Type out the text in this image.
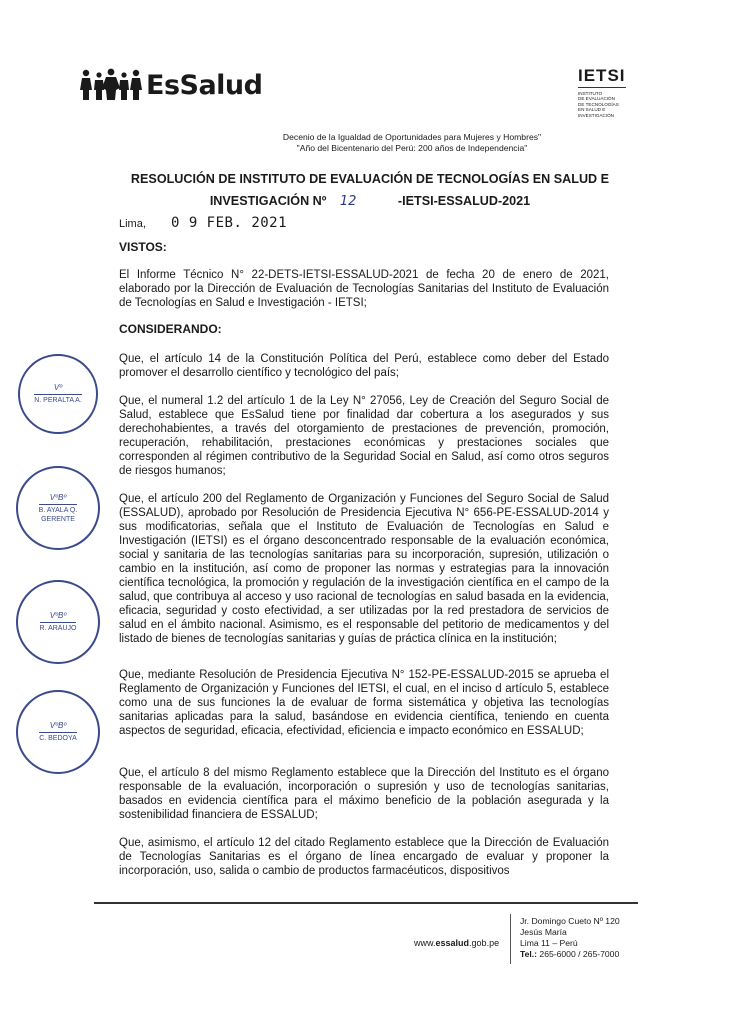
EsSalud	IETSI
INSTITUTO
DE EVALUACIÓN
DE TECNOLOGÍAS
EN SALUD E
INVESTIGACIÓN
Decenio de la Igualdad de Oportunidades para Mujeres y Hombres"
"Año del Bicentenario del Perú: 200 años de Independencia"
RESOLUCIÓN DE INSTITUTO DE EVALUACIÓN DE TECNOLOGÍAS EN SALUD E
INVESTIGACIÓN Nº 12	-IETSI-ESSALUD-2021
Lima, 0 9 FEB. 2021
VISTOS:
El Informe Técnico N° 22-DETS-IETSI-ESSALUD-2021 de fecha 20 de enero de 2021, elaborado por la Dirección de Evaluación de Tecnologías Sanitarias del Instituto de Evaluación de Tecnologías en Salud e Investigación - IETSI;
CONSIDERANDO:
Que, el artículo 14 de la Constitución Política del Perú, establece como deber del Estado promover el desarrollo científico y tecnológico del país;
Que, el numeral 1.2 del artículo 1 de la Ley N° 27056, Ley de Creación del Seguro Social de Salud, establece que EsSalud tiene por finalidad dar cobertura a los asegurados y sus derechohabientes, a través del otorgamiento de prestaciones de prevención, promoción, recuperación, rehabilitación, prestaciones económicas y prestaciones sociales que corresponden al régimen contributivo de la Seguridad Social en Salud, así como otros seguros de riesgos humanos;
Que, el artículo 200 del Reglamento de Organización y Funciones del Seguro Social de Salud (ESSALUD), aprobado por Resolución de Presidencia Ejecutiva N° 656-PE-ESSALUD-2014 y sus modificatorias, señala que el Instituto de Evaluación de Tecnologías en Salud e Investigación (IETSI) es el órgano desconcentrado responsable de la evaluación económica, social y sanitaria de las tecnologías sanitarias para su incorporación, supresión, utilización o cambio en la institución, así como de proponer las normas y estrategias para la innovación científica tecnológica, la promoción y regulación de la investigación científica en el campo de la salud, que contribuya al acceso y uso racional de tecnologías en salud basada en la evidencia, eficacia, seguridad y costo efectividad, a ser utilizadas por la red prestadora de servicios de salud en el ámbito nacional. Asimismo, es el responsable del petitorio de medicamentos y del listado de bienes de tecnologías sanitarias y guías de práctica clínica en la institución;
Que, mediante Resolución de Presidencia Ejecutiva N° 152-PE-ESSALUD-2015 se aprueba el Reglamento de Organización y Funciones del IETSI, el cual, en el inciso d artículo 5, establece como una de sus funciones la de evaluar de forma sistemática y objetiva las tecnologías sanitarias aplicadas para la salud, basándose en evidencia científica, teniendo en cuenta aspectos de seguridad, eficacia, efectividad, eficiencia e impacto económico en ESSALUD;
Que, el artículo 8 del mismo Reglamento establece que la Dirección del Instituto es el órgano responsable de la evaluación, incorporación o supresión y uso de tecnologías sanitarias, basados en evidencia científica para el máximo beneficio de la población asegurada y la sostenibilidad financiera de ESSALUD;
Que, asimismo, el artículo 12 del citado Reglamento establece que la Dirección de Evaluación de Tecnologías Sanitarias es el órgano de línea encargado de evaluar y proponer la incorporación, uso, salida o cambio de productos farmacéuticos, dispositivos
Vº
N. PERALTA A.
VºBº
B. AYALA Q.
GERENTE
VºBº
R. ARAUJO
VºBº
C. BEDOYA
www.essalud.gob.pe
Jr. Domingo Cueto Nº 120
Jesús María
Lima 11 – Perú
Tel.: 265-6000 / 265-7000
